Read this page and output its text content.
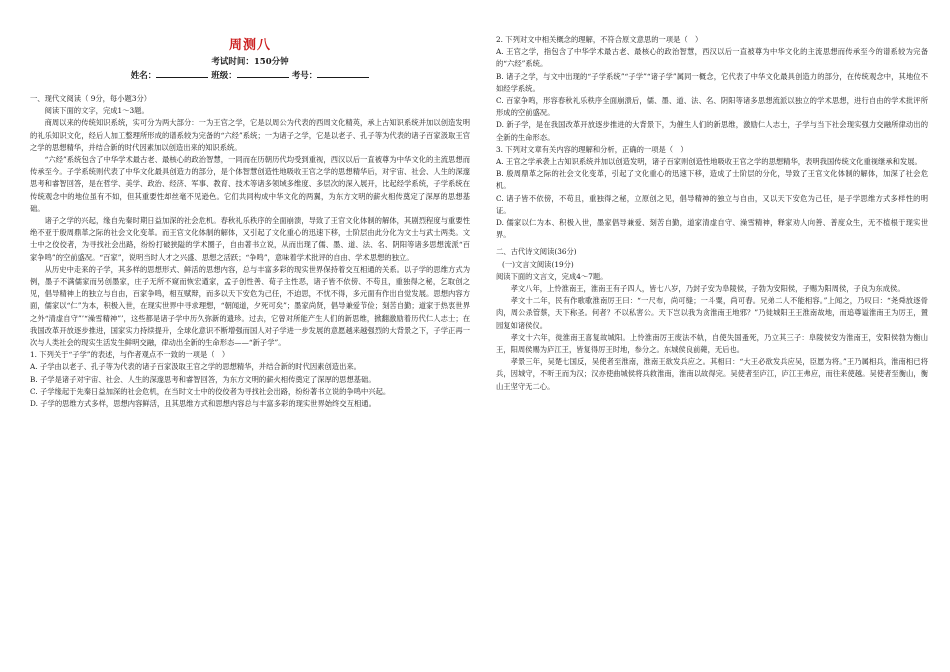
周测八
考试时间：150分钟
姓名：	班级：	考号：

一、现代文阅读（ 9分，每小题3分）

阅读下面的文字，完成1～3题。

商周以来的传统知识系统，实可分为两大部分：一为王官之学，它是以周公为代表的西周文化精英，承上古知识系统并加以创造发明的礼乐知识文化，经后人加工整理所形成的谱系较为完备的“六经”系统；一为诸子之学，它是以老子、孔子等为代表的诸子百家汲取王官之学的思想精华，并结合新的时代因素加以创造出来的知识系统。

“六经”系统包含了中华学术最古老、最核心的政治智慧，一同而在历朝历代均受到重视，西汉以后一直被尊为中华文化的主流思想而传承至今。子学系统则代表了中华文化最具创造力的部分，是个体智慧创造性地吸收王官之学的思想精华后，对宇宙、社会、人生的深邃思考和睿智回答，是在哲学、美学、政治、经济、军事、教育、技术等诸多领域多维度、多层次的深入展开，比起经学系统，子学系统在传统观念中的地位虽有不如，但其重要性却丝毫不见逊色。它们共同构成中华文化的两翼，为东方文明的薪火相传奠定了深厚的思想基础。

诸子之学的兴起，缘自先秦时期日益加深的社会危机。春秋礼乐秩序的全面崩溃，导致了王官文化体制的解体，其剧烈程度与重要性绝不亚于殷周鼎革之际的社会文化变革。而王官文化体制的解体，又引起了文化重心的迅速下移，士阶层由此分化为文士与武士两类。文士中之佼佼者，为寻找社会出路，纷纷打破狭隘的学术圈子，自由著书立说，从而出现了儒、墨、道、法、名、阴阳等诸多思想流派“百家争鸣”的空前盛况。“百家”，说明当时人才之兴盛、思想之活跃；“争鸣”，意味着学术批评的自由、学术思想的独立。

从历史中走来的子学，其多样的思想形式、鲜活的思想内容，总与丰富多彩的现实世界保持着交互相通的关系。以子学的思维方式为例，墨子不满儒家而另创墨家，庄子无所不窥而恢宏遒家，孟子创性善、荀子主性恶，诸子皆不依傍、不苟且，重独得之秘，乞取创之见，倡导精神上的独立与自由，百家争鸣，相互赋辩，而多以天下安危为己任，不迫思，不忧不得，多元面有作出自觉发展。思想内容方面，儒家以“仁”为本，积极入世，在现实世界中寻求理想，“朝闻道，夕死可矣”；墨家尚贤，倡导兼爱节俭；刻苦自勤；道家于热衷世界之外“清虚自守”’“澡雪精神”’，这些都是诸子学中历久弥新的遗珍。过去，它曾对所能产生人们的新思维，掀翻激励着历代仁人志士；在我国改革开放逐步推进，国家实力持续提升，全球化意识不断增强而国人对子学进一步发展的意愿越来越强烈的大背景之下，子学正再一次与人类社会的现实生活发生鲜明交融，律动出全新的生命形态——“新子学”。

1. 下列关于“子学”的表述，与作者观点不一致的一项是（　）

A. 子学由以老子、孔子等为代表的诸子百家汲取王官之学的思想精华，并结合新的时代因素创造出来。

B. 子学是诸子对宇宙、社会、人生的深邃思考和睿智回答，为东方文明的薪火相传奠定了深厚的思想基础。

C. 子学缘起于先秦日益加深的社会危机，在当时文士中的佼佼者为寻找社会出路，纷纷著书立说的争鸣中兴起。

D. 子学的思维方式多样，思想内容鲜活，且其思维方式和思想内容总与丰富多彩的现实世界始终交互相通。

2. 下列对文中相关概念的理解，不符合原文意思的一项是（　）

A. 王官之学，指包含了中华学术最古老、最核心的政治智慧，西汉以后一直被尊为中华文化的主流思想而传承至今的谱系较为完备的“六经”系统。

B. 诸子之学，与文中出现的“子学系统”“子学”“诸子学”属同一概念，它代表了中华文化最具创造力的部分，在传统观念中，其地位不如经学系统。

C. 百家争鸣，形容春秋礼乐秩序全面崩溃后，儒、墨、道、法、名、阴阳等诸多思想流派以独立的学术思想，进行自由的学术批评所形成的空前盛况。

D. 新子学，是在我国改革开放逐步推进的大背景下，为催生人们的新思维，激励仁人志士，子学与当下社会现实强力交融所律动出的全新的生命形态。

3. 下列对文章有关内容的理解和分析，正确的一项是（　）

A. 王官之学承袭上古知识系统并加以创造发明，诸子百家则创造性地吸收王官之学的思想精华，表明我国传统文化重视继承和发展。

B. 殷周鼎革之际的社会文化变革，引起了文化重心的迅速下移，造成了士阶层的分化，导致了王官文化体制的解体，加深了社会危机。

C. 诸子皆不依傍，不苟且，重独得之秘，立原创之见，倡导精神的独立与自由，又以天下安危为己任，是子学思维方式多样性的明证。

D. 儒家以仁为本、积极入世，墨家倡导兼爱、刻苦自勤，道家清虚自守、澡雪精神，释家劝人向善、普度众生，无不植根于现实世界。

二、古代诗文阅读(36分)

(一)文言文阅读(19分)

阅读下面的文言文，完成4～7题。

孝文八年，上怜淮南王，淮南王有子四人，皆七八岁，乃封子安为阜陵侯，子勃为安阳侯，子赐为阳周侯，子良为东成侯。

孝文十二年，民有作歌歌淮南厉王曰：“一尺布，尚可缝；一斗粟，尚可舂。兄弟二人不能相容。”上闻之，乃叹曰：“尧舜放逐骨肉，周公杀管蔡，天下称圣。何者？不以私害公。天下岂以我为贪淮南王地邪？”乃徙城阳王王淮南故地，而追尊谥淮南王为厉王，置园复如诸侯仪。

孝文十六年，徙淮南王喜复故城阳。上怜淮南厉王废法不轨，自使失国蚤死，乃立其三子：阜陵侯安为淮南王，安阳侯勃为衡山王，阳周侯赐为庐江王，皆复得厉王时地，参分之。东城侯良前薨，无后也。

孝景三年，吴楚七国反，吴使者至淮南，淮南王欲发兵应之。其相曰：“大王必欲发兵应吴，臣愿为将。”王乃属相兵，淮南相已将兵，因城守，不听王而为汉；汉亦使曲城侯将兵救淮南，淮南以故得完。吴使者至庐江，庐江王弗应，而往来使越。吴使者至衡山，衡山王坚守无二心。
